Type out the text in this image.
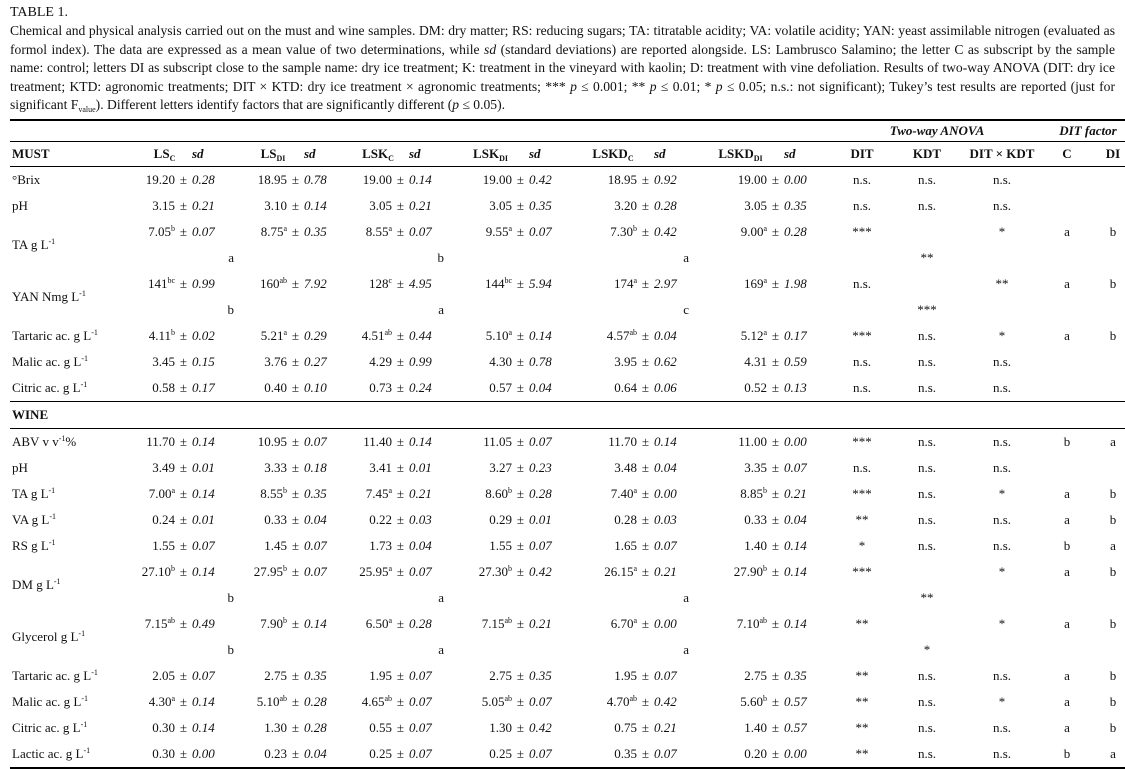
TABLE 1.
Chemical and physical analysis carried out on the must and wine samples. DM: dry matter; RS: reducing sugars; TA: titratable acidity; VA: volatile acidity; YAN: yeast assimilable nitrogen (evaluated as formol index). The data are expressed as a mean value of two determinations, while sd (standard deviations) are reported alongside. LS: Lambrusco Salamino; the letter C as subscript by the sample name: control; letters DI as subscript close to the sample name: dry ice treatment; K: treatment in the vineyard with kaolin; D: treatment with vine defoliation. Results of two-way ANOVA (DIT: dry ice treatment; KTD: agronomic treatments; DIT × KTD: dry ice treatment × agronomic treatments; *** p ≤ 0.001; ** p ≤ 0.01; * p ≤ 0.05; n.s.: not significant); Tukey’s test results are reported (just for significant $F_{value}$). Different letters identify factors that are significantly different (p ≤ 0.05).
																			Two-way ANOVA			DIT factor	
MUST	$LS_C$		sd	$LS_{DI}$		sd	$LSK_C$		sd	$LSK_{DI}$		sd	$LSKD_C$		sd	$LSKD_{DI}$		sd	DIT	KDT	DIT × KDT	C	DI
°Brix	19.20	±	0.28	18.95	±	0.78	19.00	±	0.14	19.00	±	0.42	18.95	±	0.92	19.00	±	0.00	n.s.	n.s.	n.s.		
pH	3.15	±	0.21	3.10	±	0.14	3.05	±	0.21	3.05	±	0.35	3.20	±	0.28	3.05	±	0.35	n.s.	n.s.	n.s.		
TA g $L^{-1}$	7.05$^b$	±	0.07	8.75$^a$	±	0.35	8.55$^a$	±	0.07	9.55$^a$	±	0.07	7.30$^b$	±	0.42	9.00$^a$	±	0.28	***		*	a	b
			a						b						a					**			
YAN Nmg $L^{-1}$	$141^{bc}$	±	0.99	$160^{ab}$	±	7.92	$128^c$	±	4.95	$144^{bc}$	±	5.94	$174^a$	±	2.97	$169^a$	±	1.98	n.s.		**	a	b
			b						a						c					***			
Tartaric ac. g $L^{-1}$	4.11$^b$	±	0.02	5.21$^a$	±	0.29	4.51$^{ab}$	±	0.44	5.10$^a$	±	0.14	4.57$^{ab}$	±	0.04	5.12$^a$	±	0.17	***	n.s.	*	a	b
Malic ac. g $L^{-1}$	3.45	±	0.15	3.76	±	0.27	4.29	±	0.99	4.30	±	0.78	3.95	±	0.62	4.31	±	0.59	n.s.	n.s.	n.s.		
Citric ac. g $L^{-1}$	0.58	±	0.17	0.40	±	0.10	0.73	±	0.24	0.57	±	0.04	0.64	±	0.06	0.52	±	0.13	n.s.	n.s.	n.s.		
WINE																							
ABV v $v^{-1}\%$	11.70	±	0.14	10.95	±	0.07	11.40	±	0.14	11.05	±	0.07	11.70	±	0.14	11.00	±	0.00	***	n.s.	n.s.	b	a
pH	3.49	±	0.01	3.33	±	0.18	3.41	±	0.01	3.27	±	0.23	3.48	±	0.04	3.35	±	0.07	n.s.	n.s.	n.s.		
TA g $L^{-1}$	7.00$^a$	±	0.14	8.55$^b$	±	0.35	7.45$^a$	±	0.21	8.60$^b$	±	0.28	7.40$^a$	±	0.00	8.85$^b$	±	0.21	***	n.s.	*	a	b
VA g $L^{-1}$	0.24	±	0.01	0.33	±	0.04	0.22	±	0.03	0.29	±	0.01	0.28	±	0.03	0.33	±	0.04	**	n.s.	n.s.	a	b
RS g $L^{-1}$	1.55	±	0.07	1.45	±	0.07	1.73	±	0.04	1.55	±	0.07	1.65	±	0.07	1.40	±	0.14	*	n.s.	n.s.	b	a
DM g $L^{-1}$	27.10$^b$	±	0.14	27.95$^b$	±	0.07	25.95$^a$	±	0.07	27.30$^b$	±	0.42	26.15$^a$	±	0.21	27.90$^b$	±	0.14	***		*	a	b
			b						a						a					**			
Glycerol g $L^{-1}$	7.15$^{ab}$	±	0.49	7.90$^b$	±	0.14	6.50$^a$	±	0.28	7.15$^{ab}$	±	0.21	6.70$^a$	±	0.00	7.10$^{ab}$	±	0.14	**		*	a	b
			b						a						a					*			
Tartaric ac. g $L^{-1}$	2.05	±	0.07	2.75	±	0.35	1.95	±	0.07	2.75	±	0.35	1.95	±	0.07	2.75	±	0.35	**	n.s.	n.s.	a	b
Malic ac. g $L^{-1}$	4.30$^a$	±	0.14	5.10$^{ab}$	±	0.28	4.65$^{ab}$	±	0.07	5.05$^{ab}$	±	0.07	4.70$^{ab}$	±	0.42	5.60$^b$	±	0.57	**	n.s.	*	a	b
Citric ac. g $L^{-1}$	0.30	±	0.14	1.30	±	0.28	0.55	±	0.07	1.30	±	0.42	0.75	±	0.21	1.40	±	0.57	**	n.s.	n.s.	a	b
Lactic ac. g $L^{-1}$	0.30	±	0.00	0.23	±	0.04	0.25	±	0.07	0.25	±	0.07	0.35	±	0.07	0.20	±	0.00	**	n.s.	n.s.	b	a
